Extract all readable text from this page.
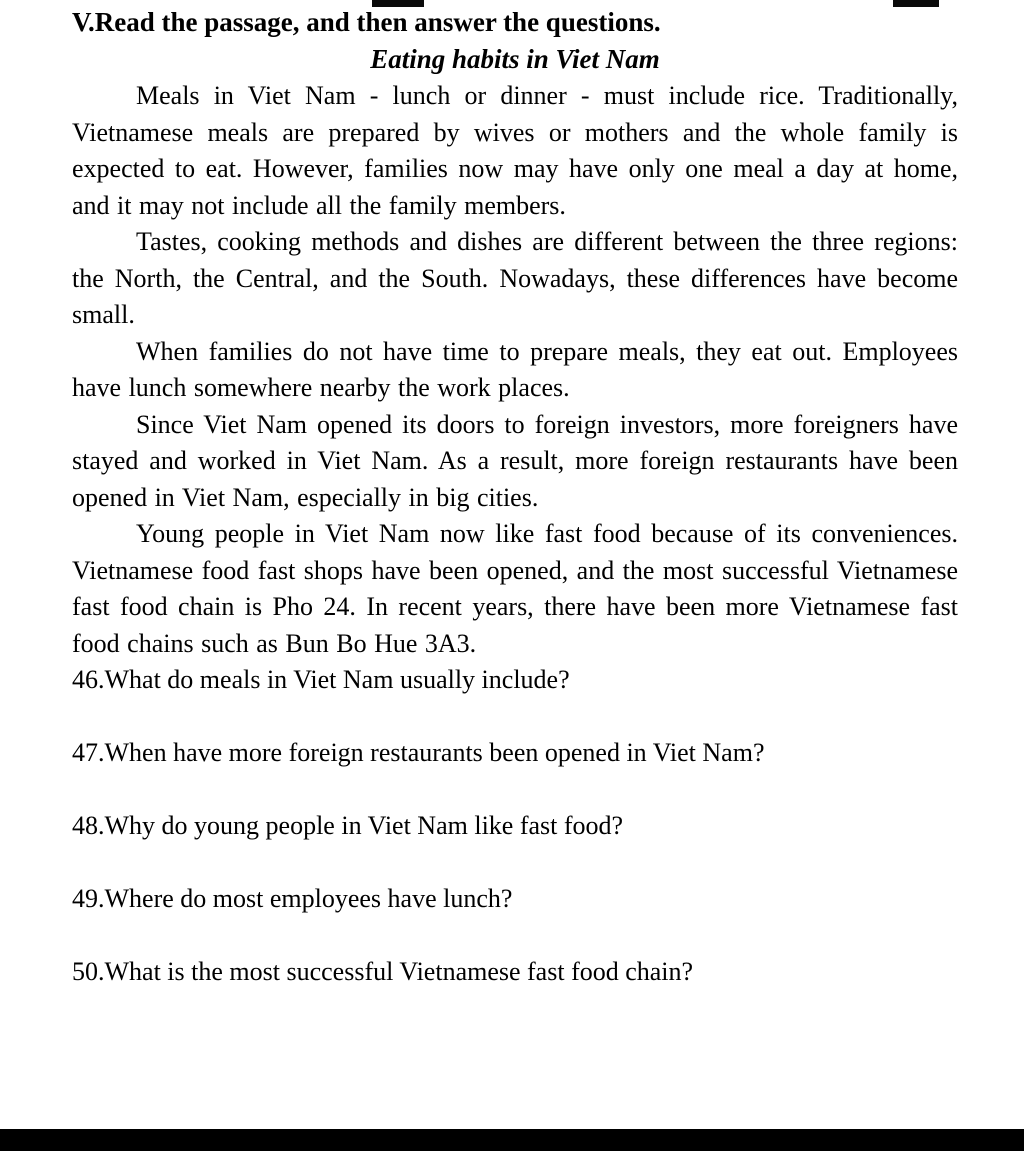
V.Read the passage, and then answer the questions.
Eating habits in Viet Nam

Meals in Viet Nam - lunch or dinner - must include rice. Traditionally, Vietnamese meals are prepared by wives or mothers and the whole family is expected to eat. However, families now may have only one meal a day at home, and it may not include all the family members.

Tastes, cooking methods and dishes are different between the three regions: the North, the Central, and the South. Nowadays, these differences have become small.

When families do not have time to prepare meals, they eat out. Employees have lunch somewhere nearby the work places.

Since Viet Nam opened its doors to foreign investors, more foreigners have stayed and worked in Viet Nam. As a result, more foreign restaurants have been opened in Viet Nam, especially in big cities.

Young people in Viet Nam now like fast food because of its conveniences. Vietnamese food fast shops have been opened, and the most successful Vietnamese fast food chain is Pho 24. In recent years, there have been more Vietnamese fast food chains such as Bun Bo Hue 3A3.

46.What do meals in Viet Nam usually include?

47.When have more foreign restaurants been opened in Viet Nam?

48.Why do young people in Viet Nam like fast food?

49.Where do most employees have lunch?

50.What is the most successful Vietnamese fast food chain?
